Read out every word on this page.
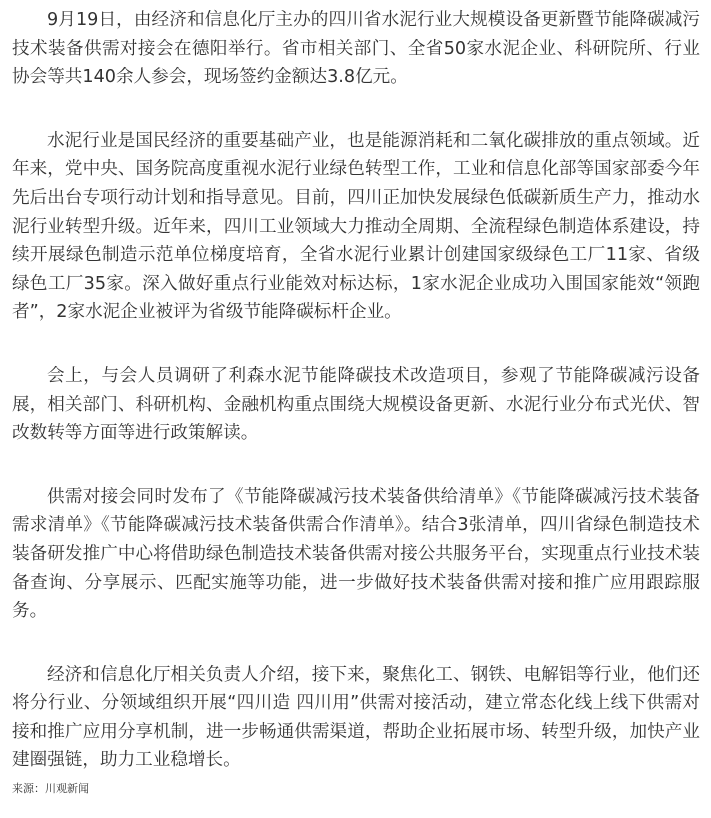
9月19日，由经济和信息化厅主办的四川省水泥行业大规模设备更新暨节能降碳减污技术装备供需对接会在德阳举行。省市相关部门、全省50家水泥企业、科研院所、行业协会等共140余人参会，现场签约金额达3.8亿元。

水泥行业是国民经济的重要基础产业，也是能源消耗和二氧化碳排放的重点领域。近年来，党中央、国务院高度重视水泥行业绿色转型工作，工业和信息化部等国家部委今年先后出台专项行动计划和指导意见。目前，四川正加快发展绿色低碳新质生产力，推动水泥行业转型升级。近年来，四川工业领域大力推动全周期、全流程绿色制造体系建设，持续开展绿色制造示范单位梯度培育，全省水泥行业累计创建国家级绿色工厂11家、省级绿色工厂35家。深入做好重点行业能效对标达标，1家水泥企业成功入围国家能效“领跑者”，2家水泥企业被评为省级节能降碳标杆企业。

会上，与会人员调研了利森水泥节能降碳技术改造项目，参观了节能降碳减污设备展，相关部门、科研机构、金融机构重点围绕大规模设备更新、水泥行业分布式光伏、智改数转等方面等进行政策解读。

供需对接会同时发布了《节能降碳减污技术装备供给清单》《节能降碳减污技术装备需求清单》《节能降碳减污技术装备供需合作清单》。结合3张清单，四川省绿色制造技术装备研发推广中心将借助绿色制造技术装备供需对接公共服务平台，实现重点行业技术装备查询、分享展示、匹配实施等功能，进一步做好技术装备供需对接和推广应用跟踪服务。

经济和信息化厅相关负责人介绍，接下来，聚焦化工、钢铁、电解铝等行业，他们还将分行业、分领域组织开展“四川造 四川用”供需对接活动，建立常态化线上线下供需对接和推广应用分享机制，进一步畅通供需渠道，帮助企业拓展市场、转型升级，加快产业建圈强链，助力工业稳增长。

来源：川观新闻
